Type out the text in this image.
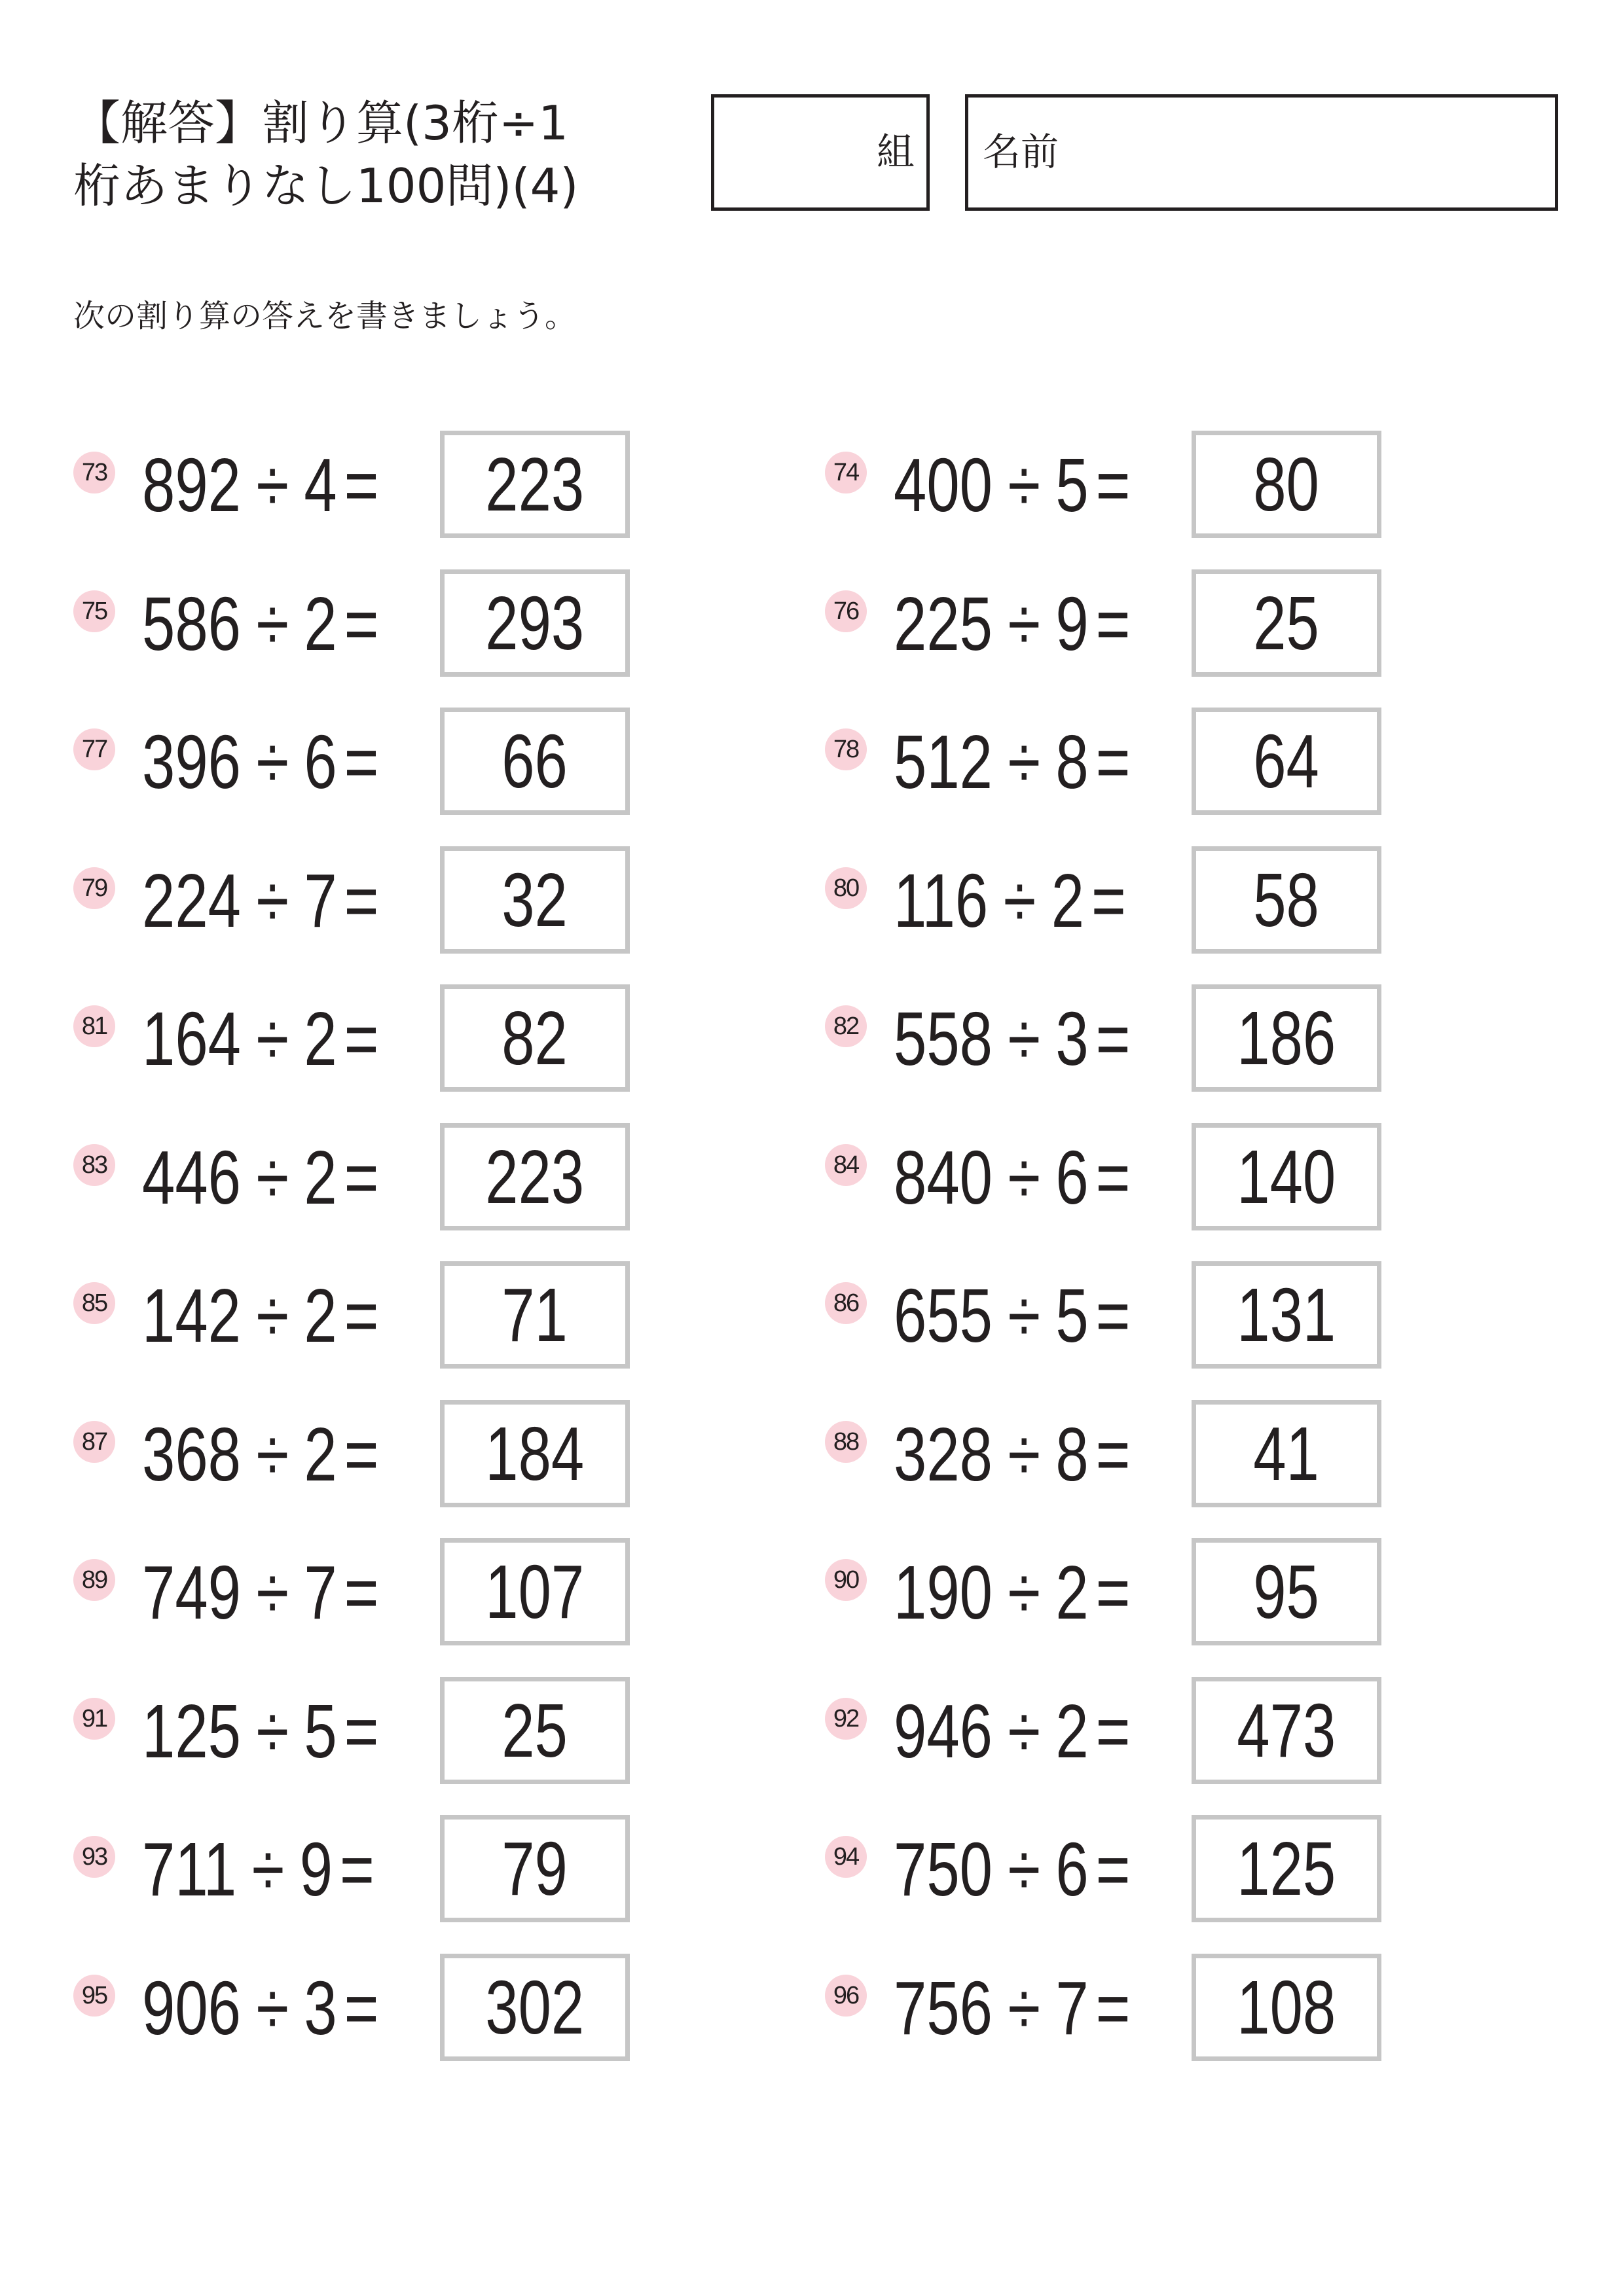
【解答】割り算(3桁÷1
桁あまりなし100問)(4)
組 名前
次の割り算の答えを書きましょう。
73 892 ÷ 4=	223
75 586 ÷ 2=	293
77 396 ÷ 6=	66
79 224 ÷ 7=	32
81 164 ÷ 2=	82
83 446 ÷ 2=	223
85 142 ÷ 2=	71
87 368 ÷ 2=	184
89 749 ÷ 7=	107
91 125 ÷ 5=	25
93 711 ÷ 9=	79
95 906 ÷ 3=	302
74 400 ÷ 5=	80
76 225 ÷ 9=	25
78 512 ÷ 8=	64
80 116 ÷ 2=	58
82 558 ÷ 3=	186
84 840 ÷ 6=	140
86 655 ÷ 5=	131
88 328 ÷ 8=	41
90 190 ÷ 2=	95
92 946 ÷ 2=	473
94 750 ÷ 6=	125
96 756 ÷ 7=	108
